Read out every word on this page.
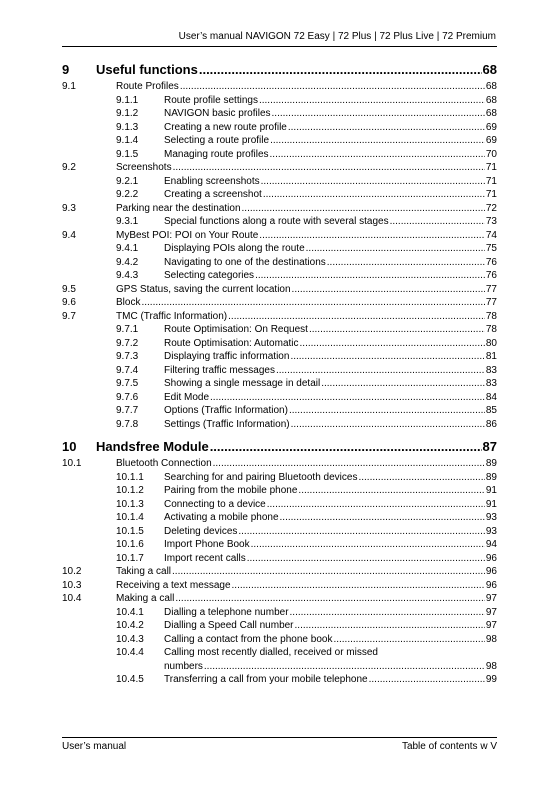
User’s manual NAVIGON 72 Easy | 72 Plus | 72 Plus Live | 72 Premium
9	Useful functions .....	68
9.1	Route Profiles .....	68
9.1.1	Route profile settings .....	68
9.1.2	NAVIGON basic profiles .....	68
9.1.3	Creating a new route profile .....	69
9.1.4	Selecting a route profile .....	69
9.1.5	Managing route profiles .....	70
9.2	Screenshots .....	71
9.2.1	Enabling screenshots .....	71
9.2.2	Creating a screenshot .....	71
9.3	Parking near the destination .....	72
9.3.1	Special functions along a route with several stages .....	73
9.4	MyBest POI: POI on Your Route .....	74
9.4.1	Displaying POIs along the route .....	75
9.4.2	Navigating to one of the destinations .....	76
9.4.3	Selecting categories .....	76
9.5	GPS Status, saving the current location .....	77
9.6	Block .....	77
9.7	TMC (Traffic Information) .....	78
9.7.1	Route Optimisation: On Request .....	78
9.7.2	Route Optimisation: Automatic .....	80
9.7.3	Displaying traffic information .....	81
9.7.4	Filtering traffic messages .....	83
9.7.5	Showing a single message in detail .....	83
9.7.6	Edit Mode .....	84
9.7.7	Options (Traffic Information) .....	85
9.7.8	Settings (Traffic Information) .....	86
10	Handsfree Module .....	87
10.1	Bluetooth Connection .....	89
10.1.1	Searching for and pairing Bluetooth devices .....	89
10.1.2	Pairing from the mobile phone .....	91
10.1.3	Connecting to a device .....	91
10.1.4	Activating a mobile phone .....	93
10.1.5	Deleting devices .....	93
10.1.6	Import Phone Book .....	94
10.1.7	Import recent calls .....	96
10.2	Taking a call .....	96
10.3	Receiving a text message .....	96
10.4	Making a call .....	97
10.4.1	Dialling a telephone number .....	97
10.4.2	Dialling a Speed Call number .....	97
10.4.3	Calling a contact from the phone book .....	98
10.4.4	Calling most recently dialled, received or missed
numbers .....	98
10.4.5	Transferring a call from your mobile telephone .....	99
User’s manual	Table of contents w V
